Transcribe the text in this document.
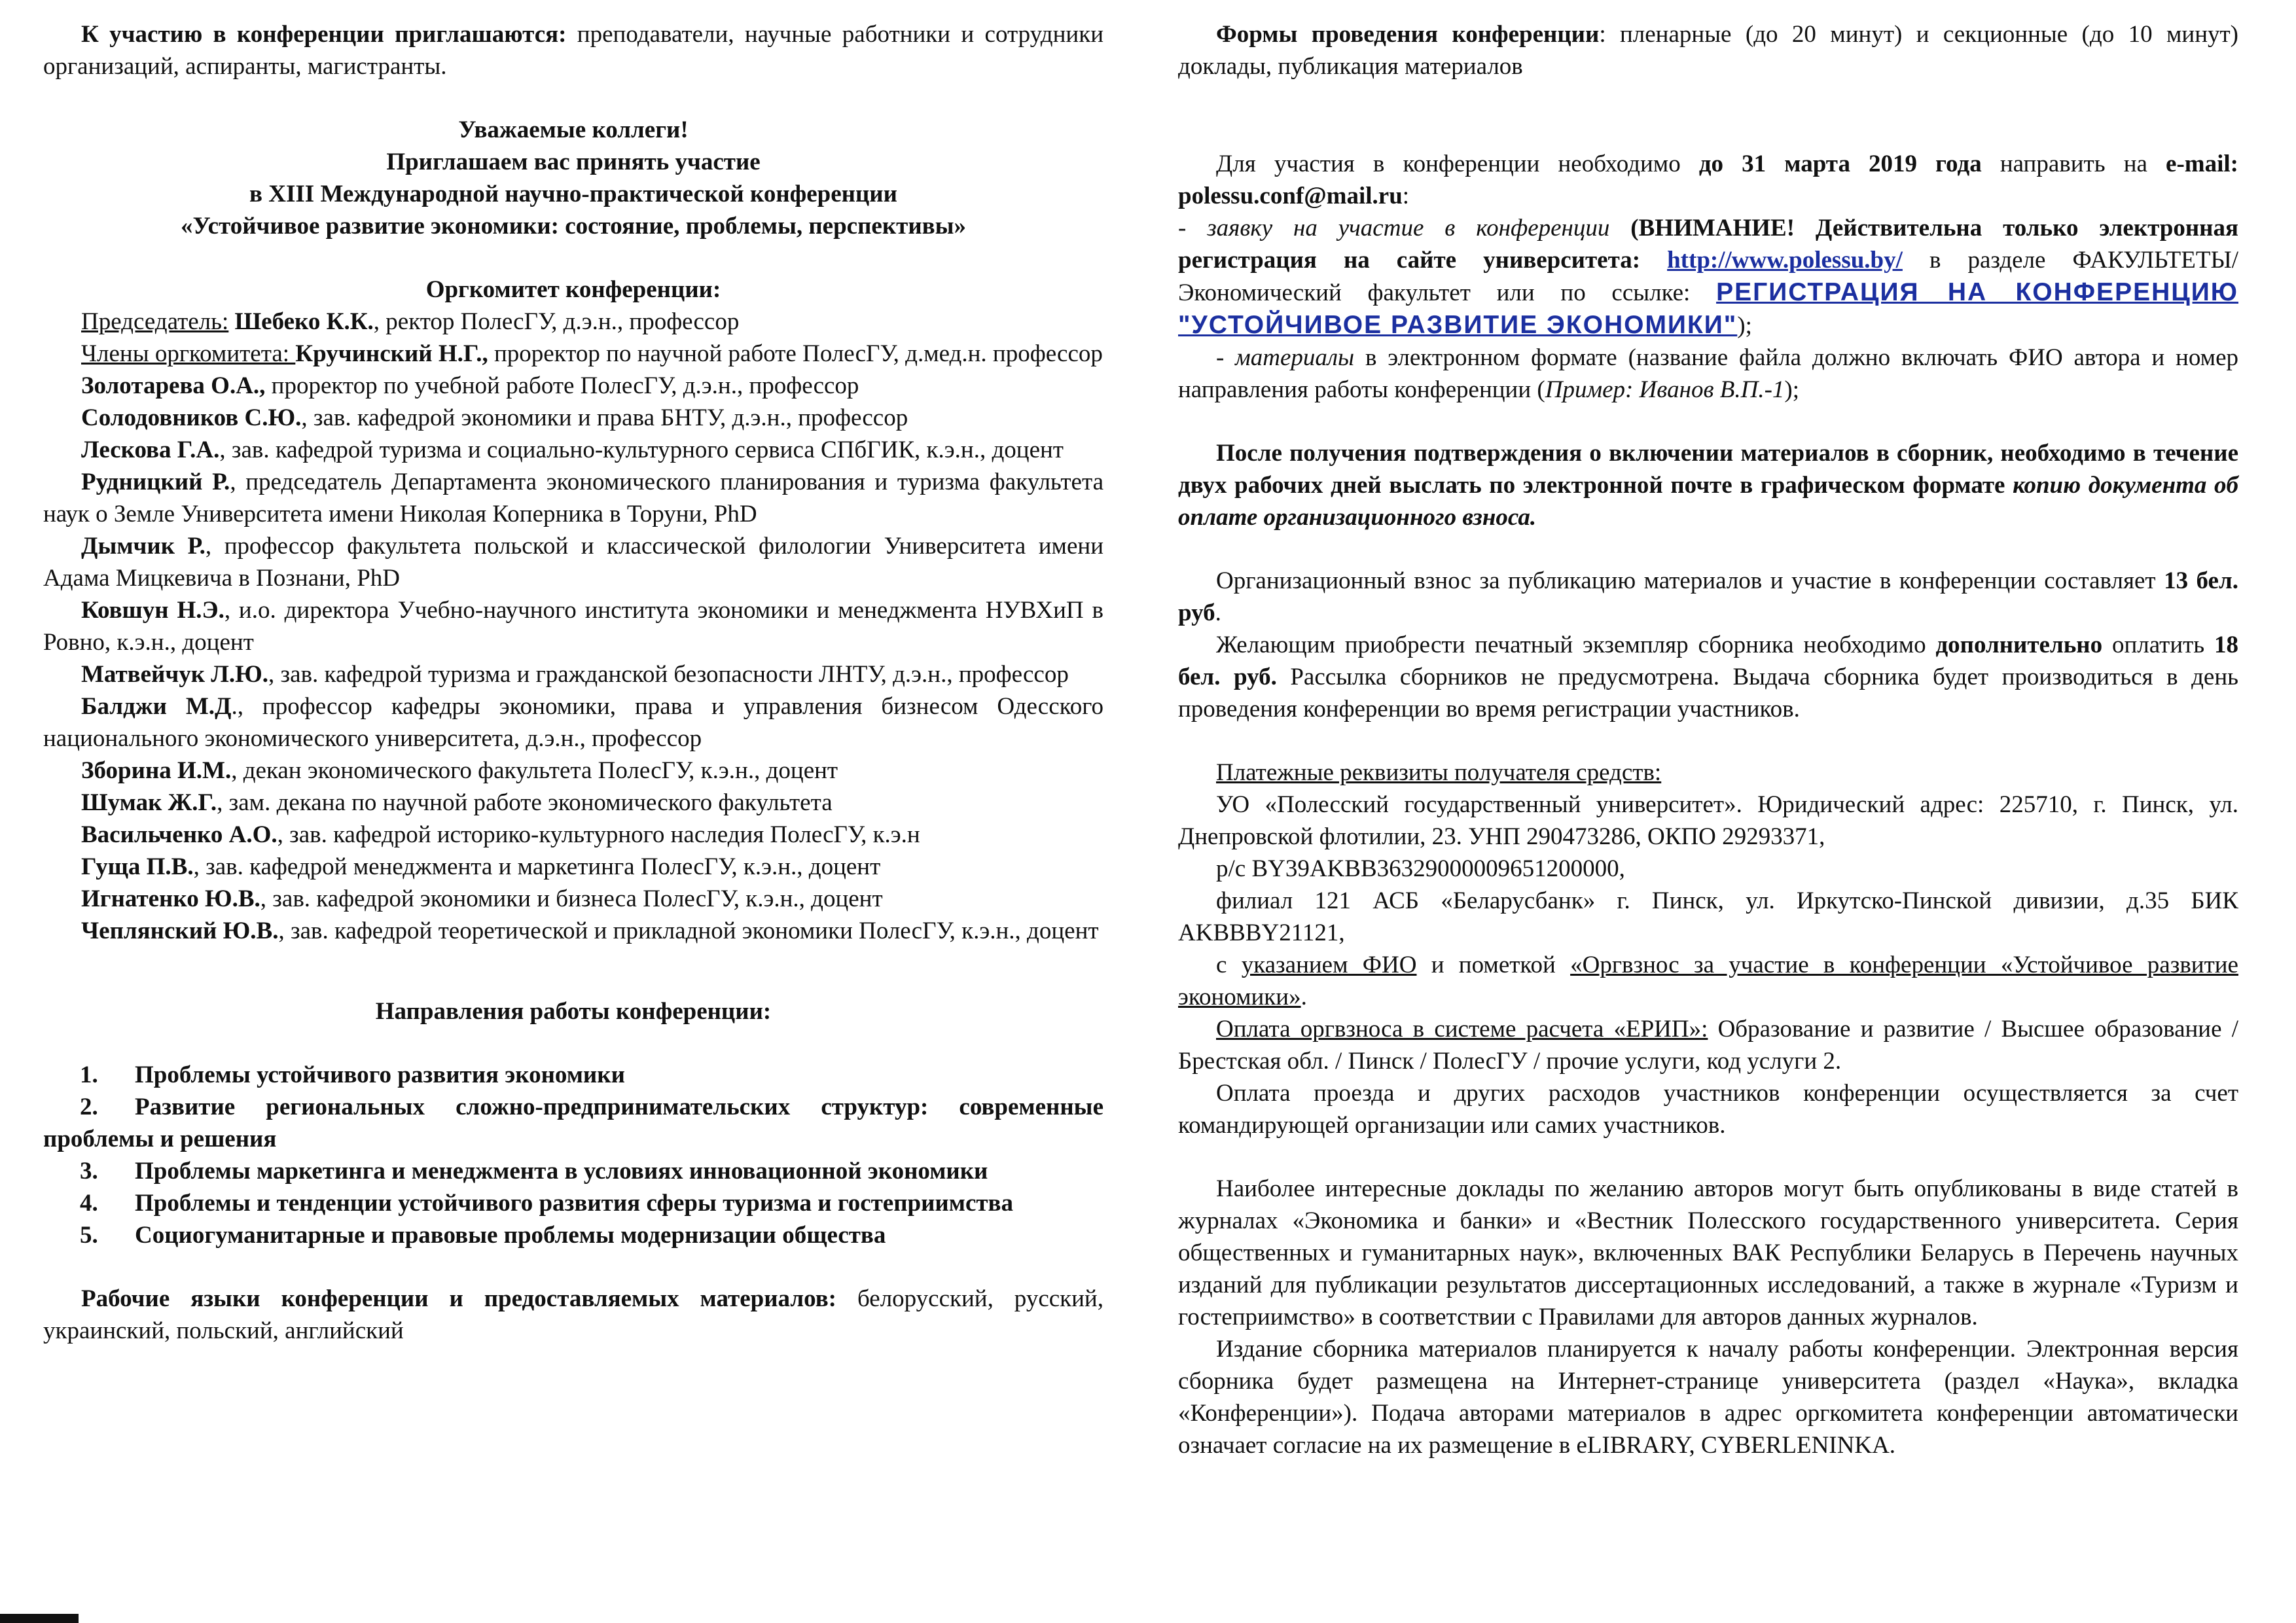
К участию в конференции приглашаются: преподаватели, научные работники и сотрудники организаций, аспиранты, магистранты.

Уважаемые коллеги!

Приглашаем вас принять участие

в XIII Международной научно-практической конференции

«Устойчивое развитие экономики: состояние, проблемы, перспективы»

Оргкомитет конференции:

Председатель: Шебеко К.К., ректор ПолесГУ, д.э.н., профессор

Члены оргкомитета: Кручинский Н.Г., проректор по научной работе ПолесГУ, д.мед.н. профессор

Золотарева О.А., проректор по учебной работе ПолесГУ, д.э.н., профессор

Солодовников С.Ю., зав. кафедрой экономики и права БНТУ, д.э.н., профессор

Лескова Г.А., зав. кафедрой туризма и социально-культурного сервиса СПбГИК, к.э.н., доцент

Рудницкий Р., председатель Департамента экономического планирования и туризма факультета наук о Земле Университета имени Николая Коперника в Торуни, PhD

Дымчик Р., профессор факультета польской и классической филологии Университета имени Адама Мицкевича в Познани, PhD

Ковшун Н.Э., и.о. директора Учебно-научного института экономики и менеджмента НУВХиП в Ровно, к.э.н., доцент

Матвейчук Л.Ю., зав. кафедрой туризма и гражданской безопасности ЛНТУ, д.э.н., профессор

Балджи М.Д., профессор кафедры экономики, права и управления бизнесом Одесского национального экономического университета, д.э.н., профессор

Зборина И.М., декан экономического факультета ПолесГУ, к.э.н., доцент

Шумак Ж.Г., зам. декана по научной работе экономического факультета

Васильченко А.О., зав. кафедрой историко-культурного наследия ПолесГУ, к.э.н

Гуща П.В., зав. кафедрой менеджмента и маркетинга ПолесГУ, к.э.н., доцент

Игнатенко Ю.В., зав. кафедрой экономики и бизнеса ПолесГУ, к.э.н., доцент

Чеплянский Ю.В., зав. кафедрой теоретической и прикладной экономики ПолесГУ, к.э.н., доцент

Направления работы конференции:

1. Проблемы устойчивого развития экономики

2. Развитие региональных сложно-предпринимательских структур: современные проблемы и решения

3. Проблемы маркетинга и менеджмента в условиях инновационной экономики

4. Проблемы и тенденции устойчивого развития сферы туризма и гостеприимства

5. Социогуманитарные и правовые проблемы модернизации общества

Рабочие языки конференции и предоставляемых материалов: белорусский, русский, украинский, польский, английский

Формы проведения конференции: пленарные (до 20 минут) и секционные (до 10 минут) доклады, публикация материалов

Для участия в конференции необходимо до 31 марта 2019 года направить на e-mail: polessu.conf@mail.ru:

- заявку на участие в конференции (ВНИМАНИЕ! Действительна только электронная регистрация на сайте университета: http://www.polessu.by/ в разделе ФАКУЛЬТЕТЫ/ Экономический факультет или по ссылке: РЕГИСТРАЦИЯ НА КОНФЕРЕНЦИЮ "УСТОЙЧИВОЕ РАЗВИТИЕ ЭКОНОМИКИ");

- материалы в электронном формате (название файла должно включать ФИО автора и номер направления работы конференции (Пример: Иванов В.П.-1);

После получения подтверждения о включении материалов в сборник, необходимо в течение двух рабочих дней выслать по электронной почте в графическом формате копию документа об оплате организационного взноса.

Организационный взнос за публикацию материалов и участие в конференции составляет 13 бел. руб.

Желающим приобрести печатный экземпляр сборника необходимо дополнительно оплатить 18 бел. руб. Рассылка сборников не предусмотрена. Выдача сборника будет производиться в день проведения конференции во время регистрации участников.

Платежные реквизиты получателя средств:

УО «Полесский государственный университет». Юридический адрес: 225710, г. Пинск, ул. Днепровской флотилии, 23. УНП 290473286, ОКПО 29293371,

р/с BY39AKBB36329000009651200000,

филиал 121 АСБ «Беларусбанк» г. Пинск, ул. Иркутско-Пинской дивизии, д.35 БИК AKBBBY21121,

с указанием ФИО и пометкой «Оргвзнос за участие в конференции «Устойчивое развитие экономики».

Оплата оргвзноса в системе расчета «ЕРИП»: Образование и развитие / Высшее образование / Брестская обл. / Пинск / ПолесГУ / прочие услуги, код услуги 2.

Оплата проезда и других расходов участников конференции осуществляется за счет командирующей организации или самих участников.

Наиболее интересные доклады по желанию авторов могут быть опубликованы в виде статей в журналах «Экономика и банки» и «Вестник Полесского государственного университета. Серия общественных и гуманитарных наук», включенных ВАК Республики Беларусь в Перечень научных изданий для публикации результатов диссертационных исследований, а также в журнале «Туризм и гостеприимство» в соответствии с Правилами для авторов данных журналов.

Издание сборника материалов планируется к началу работы конференции. Электронная версия сборника будет размещена на Интернет-странице университета (раздел «Наука», вкладка «Конференции»). Подача авторами материалов в адрес оргкомитета конференции автоматически означает согласие на их размещение в eLIBRARY, CYBERLENINKA.
